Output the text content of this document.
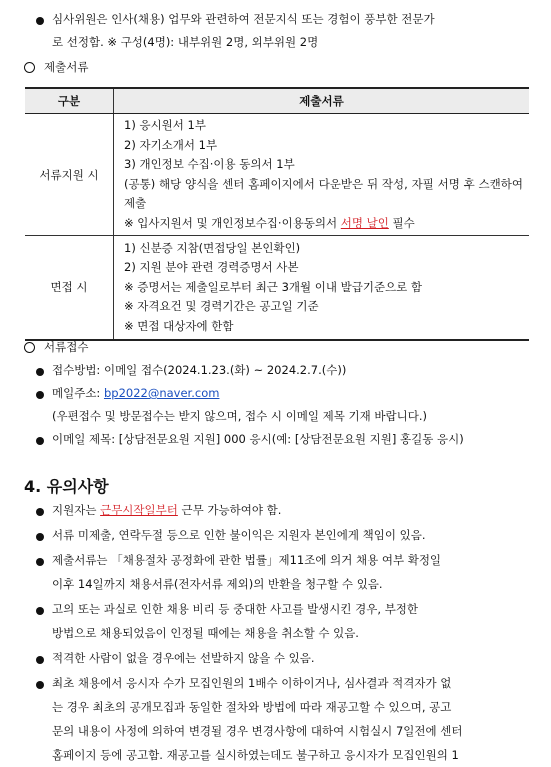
심사위원은 인사(채용) 업무와 관련하여 전문지식 또는 경험이 풍부한 전문가
로 선정함. ※ 구성(4명): 내부위원 2명, 외부위원 2명
제출서류
구분	제출서류
서류지원 시	1) 응시원서 1부
2) 자기소개서 1부
3) 개인정보 수집·이용 동의서 1부
(공통) 해당 양식을 센터 홈페이지에서 다운받은 뒤 작성, 자필 서명 후 스캔하여 제출
※ 입사지원서 및 개인정보수집·이용동의서 서명 날인 필수

면접 시	1) 신분증 지참(면접당일 본인확인)
2) 지원 분야 관련 경력증명서 사본
※ 증명서는 제출일로부터 최근 3개월 이내 발급기준으로 함
※ 자격요건 및 경력기간은 공고일 기준
※ 면접 대상자에 한함
서류접수
접수방법: 이메일 접수(2024.1.23.(화) ~ 2024.2.7.(수))
메일주소: bp2022@naver.com
(우편접수 및 방문접수는 받지 않으며, 접수 시 이메일 제목 기재 바랍니다.)
이메일 제목: [상담전문요원 지원] 000 응시(예: [상담전문요원 지원] 홍길동 응시)
4. 유의사항
지원자는 근무시작일부터 근무 가능하여야 함.
서류 미제출, 연락두절 등으로 인한 불이익은 지원자 본인에게 책임이 있음.
제출서류는 「채용절차 공정화에 관한 법률」제11조에 의거 채용 여부 확정일
이후 14일까지 채용서류(전자서류 제외)의 반환을 청구할 수 있음.
고의 또는 과실로 인한 채용 비리 등 중대한 사고를 발생시킨 경우, 부정한
방법으로 채용되었음이 인정될 때에는 채용을 취소할 수 있음.
적격한 사람이 없을 경우에는 선발하지 않을 수 있음.
최초 채용에서 응시자 수가 모집인원의 1배수 이하이거나, 심사결과 적격자가 없
는 경우 최초의 공개모집과 동일한 절차와 방법에 따라 재공고할 수 있으며, 공고
문의 내용이 사정에 의하여 변경될 경우 변경사항에 대하여 시험실시 7일전에 센터
홈페이지 등에 공고함. 재공고를 실시하였는데도 불구하고 응시자가 모집인원의 1
